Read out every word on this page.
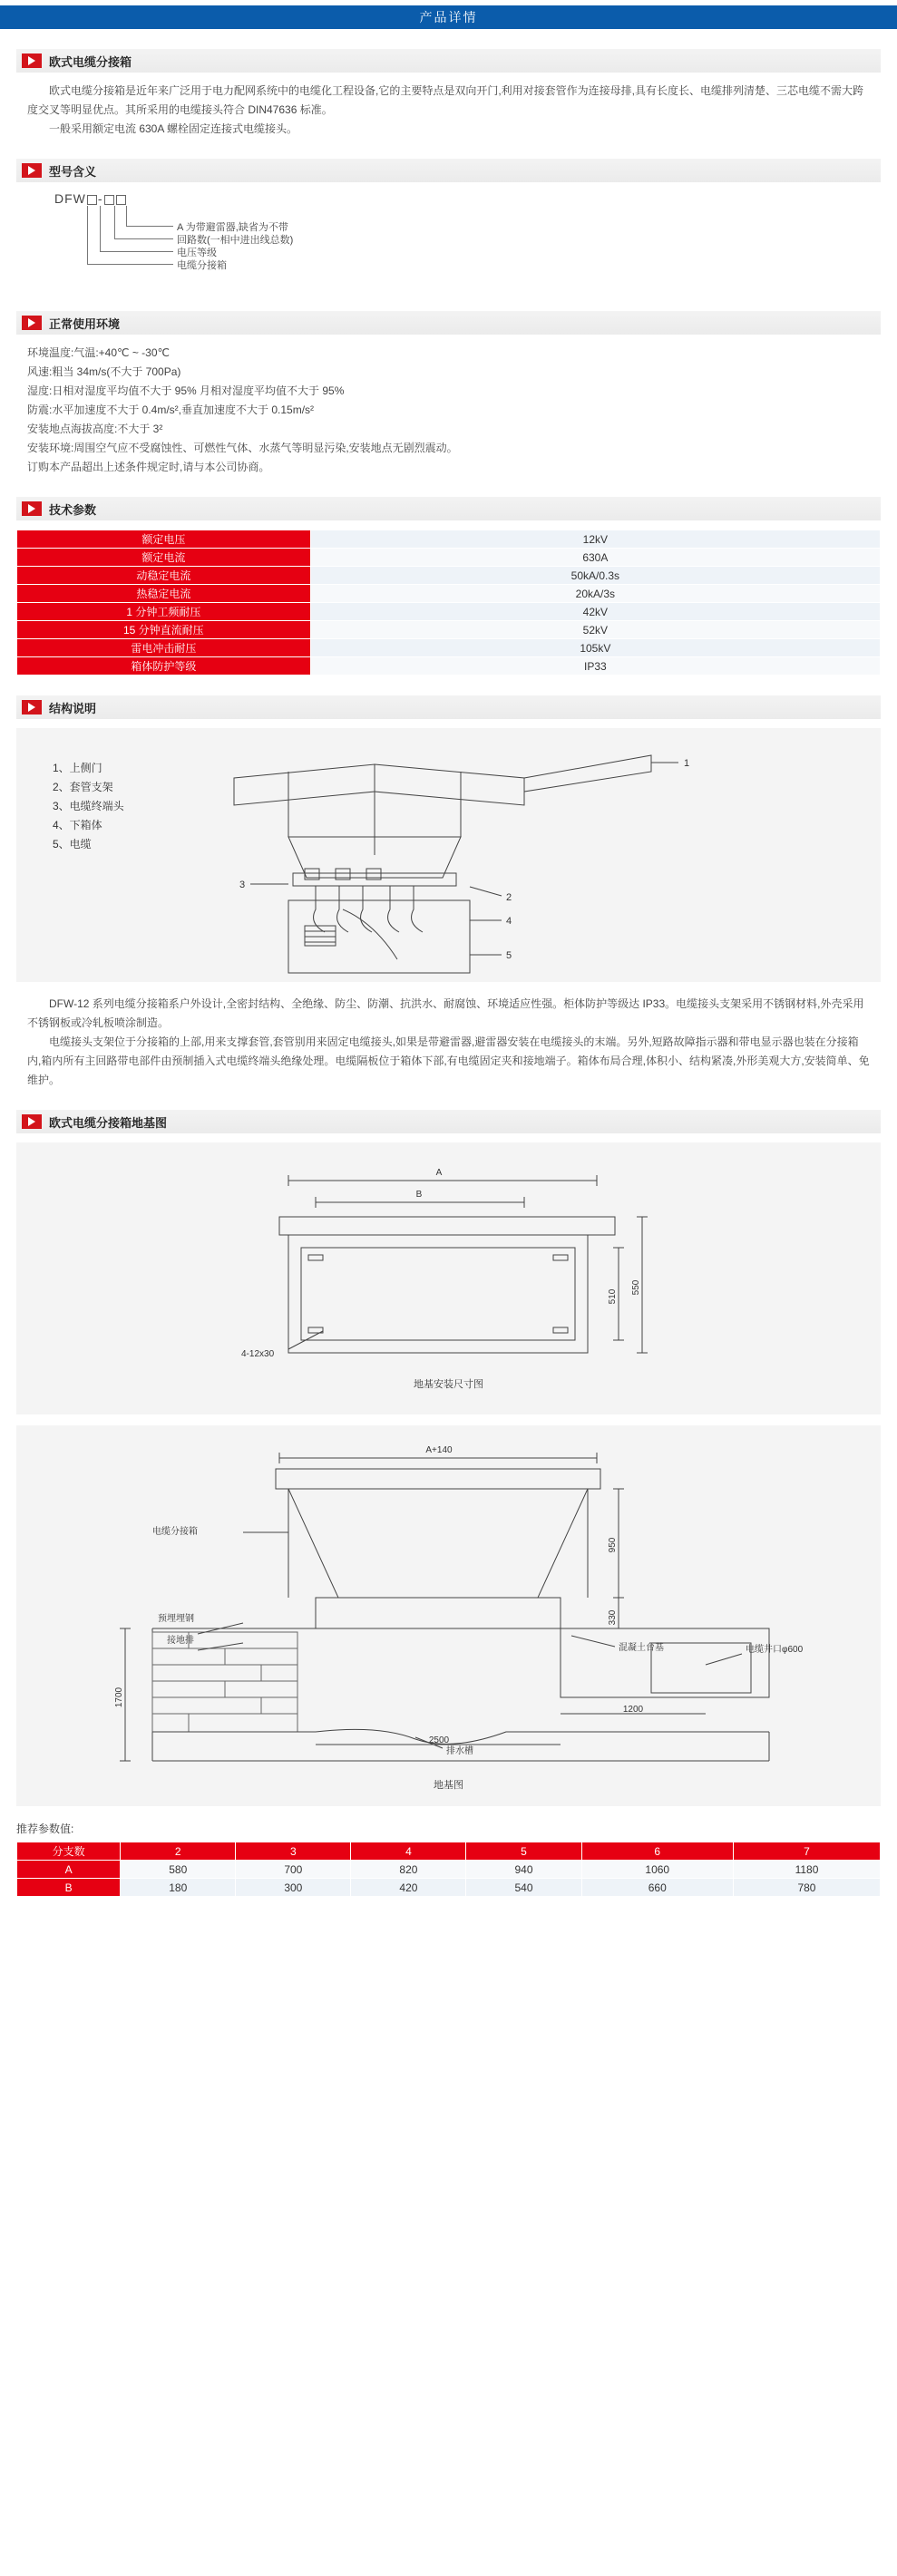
产品详情
欧式电缆分接箱

欧式电缆分接箱是近年来广泛用于电力配网系统中的电缆化工程设备,它的主要特点是双向开门,利用对接套管作为连接母排,具有长度长、电缆排列清楚、三​芯电缆不需大跨度交叉等明显优点。其所采用的电缆接头符合 DIN47636 标准。

一般采用额定电流 630A 螺栓固定连接式电缆接头。

型号含义
DFW -
A 为带避雷器,缺省为不带
回路数(一相中进出线总数)
电压等级
电缆分接箱
正常使用环境

环境温度:气温:+40℃ ~ -30℃

风速:粗当 34m/s(不大于 700Pa)

湿度:日相对湿度平均值不大于 95% 月相对湿度平均值不大于 95%

防震:水平加速度不大于 0.4m/s²,垂直加速度不大于 0.15m/s²

安装地点海拔高度:不大于 3²

安装环境:周围空气应不受腐蚀性、可燃性气体、水蒸气等明显污染,安装地点无剧烈震动。

订购本产品超出上述条件规定时,请与本公司协商。

技术参数
额定电压	12kV
额定电流	630A
动稳定电流	50kA/0.3s
热稳定电流	20kA/3s
1 分钟工频耐压	42kV
15 分钟直流耐压	52kV
雷电冲击耐压	105kV
箱体防护等级	IP33
结构说明
1、上侧门
2、套管支架
3、电缆终端头
4、下箱体
5、电缆
1
2
3
4
5

DFW-12 系列电缆分接箱系户外设计,全密封结构、全绝缘、防尘、防潮、抗洪水、耐腐蚀、环境适应性强。柜体防护等级达 IP33。电缆接头支架采用不锈钢材料,外壳采用不锈钢板或冷轧板喷涂制造。

电缆接头支架位于分接箱的上部,用来支撑套管,套管别用来固定电缆接头,如果是带避雷器,避雷器安装在电缆接头的末端。另外,短路故障指示器和带电显示器也装在分接箱内,箱内所有主回路带电部件由预制插入式电缆终端头绝缘处理。电缆隔板位于箱体下部,有电缆固定夹和接地端子。箱体布局合理,体积小、结构紧凑,外形美观大方,安装简单、免维护。

欧式电缆分接箱地基图
A
B
510
550
4-12x30
地基安装尺寸图
A+140
950
330
1700
2500
1200
电缆分接箱
预埋埋钢
接地排
混凝土台基	电缆井口φ600
排水槽
地基图
推荐参数值:
分支数	2	3	4	5	6	7
A	580	700	820	940	1060	1180
B	180	300	420	540	660	780
